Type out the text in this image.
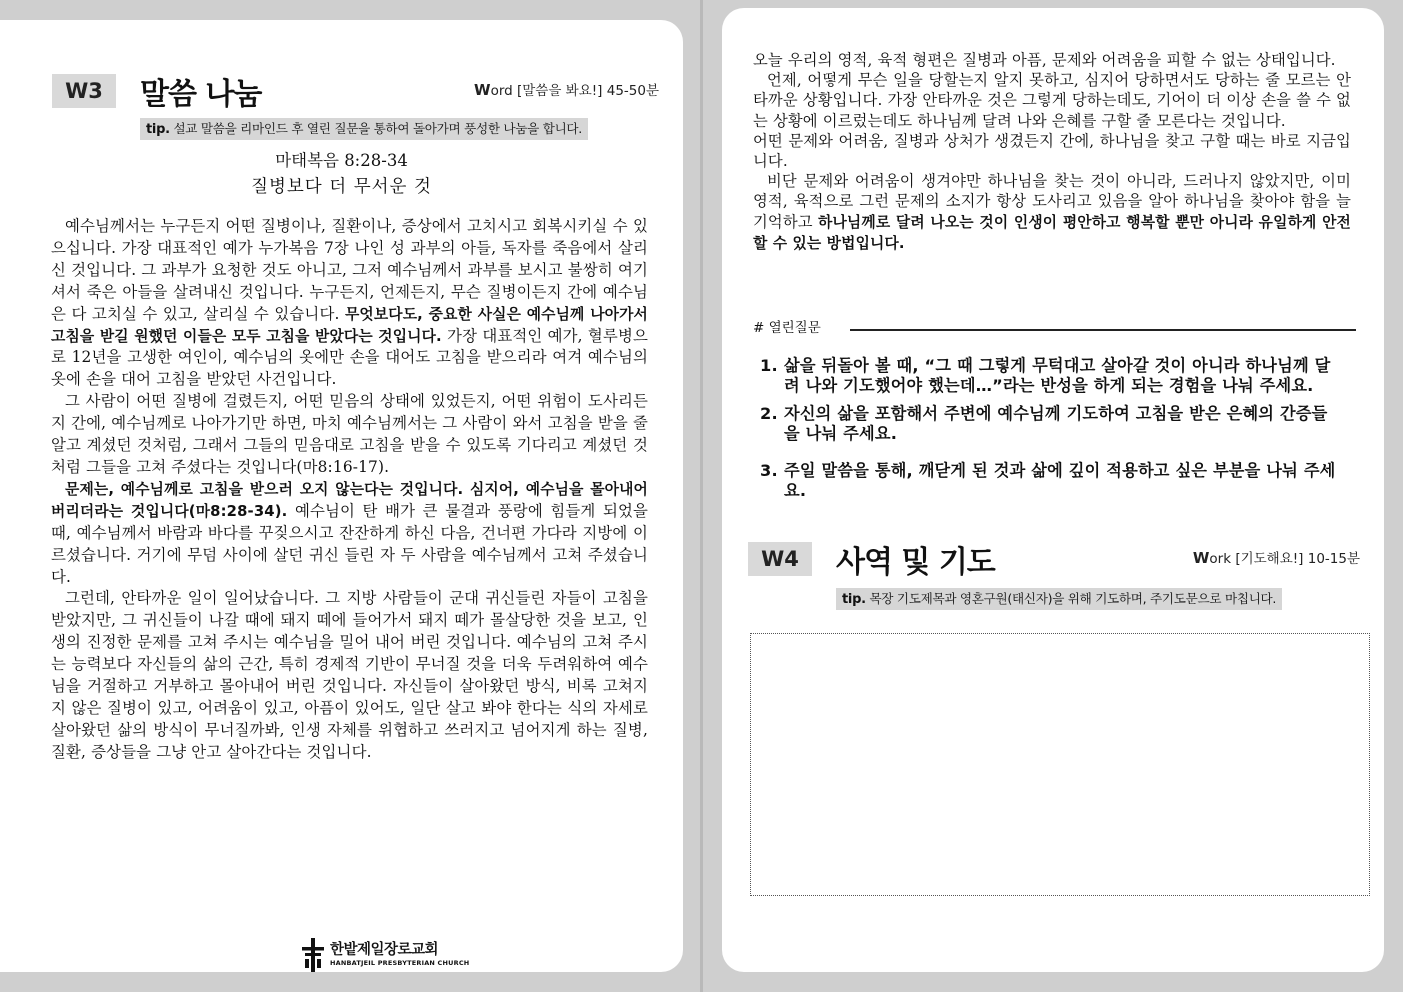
W3	말씀 나눔	Word [말씀을 봐요!] 45-50분
tip. 설교 말씀을 리마인드 후 열린 질문을 통하여 돌아가며 풍성한 나눔을 합니다.
마태복음 8:28-34
질병보다 더 무서운 것

예수님께서는 누구든지 어떤 질병이나, 질환이나, 증상에서 고치시고 회복시키실 수 있으십니다. 가장 대표적인 예가 누가복음 7장 나인 성 과부의 아들, 독자를 죽음에서 살리신 것입니다. 그 과부가 요청한 것도 아니고, 그저 예수님께서 과부를 보시고 불쌍히 여기셔서 죽은 아들을 살려내신 것입니다. 누구든지, 언제든지, 무슨 질병이든지 간에 예수님은 다 고치실 수 있고, 살리실 수 있습니다. 무엇보다도, 중요한 사실은 예수님께 나아가서 고침을 받길 원했던 이들은 모두 고침을 받았다는 것입니다. 가장 대표적인 예가, 혈루병으로 12년을 고생한 여인이, 예수님의 옷에만 손을 대어도 고침을 받으리라 여겨 예수님의 옷에 손을 대어 고침을 받았던 사건입니다.

그 사람이 어떤 질병에 걸렸든지, 어떤 믿음의 상태에 있었든지, 어떤 위험이 도사리든지 간에, 예수님께로 나아가기만 하면, 마치 예수님께서는 그 사람이 와서 고침을 받을 줄 알고 계셨던 것처럼, 그래서 그들의 믿음대로 고침을 받을 수 있도록 기다리고 계셨던 것처럼 그들을 고쳐 주셨다는 것입니다(마8:16-17).

문제는, 예수님께로 고침을 받으러 오지 않는다는 것입니다. 심지어, 예수님을 몰아내어 버리더라는 것입니다(마8:28-34). 예수님이 탄 배가 큰 물결과 풍랑에 힘들게 되었을 때, 예수님께서 바람과 바다를 꾸짖으시고 잔잔하게 하신 다음, 건너편 가다라 지방에 이르셨습니다. 거기에 무덤 사이에 살던 귀신 들린 자 두 사람을 예수님께서 고쳐 주셨습니다.

그런데, 안타까운 일이 일어났습니다. 그 지방 사람들이 군대 귀신들린 자들이 고침을 받았지만, 그 귀신들이 나갈 때에 돼지 떼에 들어가서 돼지 떼가 몰살당한 것을 보고, 인생의 진정한 문제를 고쳐 주시는 예수님을 밀어 내어 버린 것입니다. 예수님의 고쳐 주시는 능력보다 자신들의 삶의 근간, 특히 경제적 기반이 무너질 것을 더욱 두려워하여 예수님을 거절하고 거부하고 몰아내어 버린 것입니다. 자신들이 살아왔던 방식, 비록 고쳐지지 않은 질병이 있고, 어려움이 있고, 아픔이 있어도, 일단 살고 봐야 한다는 식의 자세로 살아왔던 삶의 방식이 무너질까봐, 인생 자체를 위협하고 쓰러지고 넘어지게 하는 질병, 질환, 증상들을 그냥 안고 살아간다는 것입니다.

한밭제일장로교회
HANBATJEIL PRESBYTERIAN CHURCH

오늘 우리의 영적, 육적 형편은 질병과 아픔, 문제와 어려움을 피할 수 없는 상태입니다.

언제, 어떻게 무슨 일을 당할는지 알지 못하고, 심지어 당하면서도 당하는 줄 모르는 안타까운 상황입니다. 가장 안타까운 것은 그렇게 당하는데도, 기어이 더 이상 손을 쓸 수 없는 상황에 이르렀는데도 하나님께 달려 나와 은혜를 구할 줄 모른다는 것입니다.

어떤 문제와 어려움, 질병과 상처가 생겼든지 간에, 하나님을 찾고 구할 때는 바로 지금입니다.

비단 문제와 어려움이 생겨야만 하나님을 찾는 것이 아니라, 드러나지 않았지만, 이미 영적, 육적으로 그런 문제의 소지가 항상 도사리고 있음을 알아 하나님을 찾아야 함을 늘 기억하고 하나님께로 달려 나오는 것이 인생이 평안하고 행복할 뿐만 아니라 유일하게 안전할 수 있는 방법입니다.

# 열린질문
1. 삶을 뒤돌아 볼 때, “그 때 그렇게 무턱대고 살아갈 것이 아니라 하나님께 달려 나와 기도했어야 했는데…”라는 반성을 하게 되는 경험을 나눠 주세요.
2. 자신의 삶을 포함해서 주변에 예수님께 기도하여 고침을 받은 은혜의 간증들을 나눠 주세요.
3. 주일 말씀을 통해, 깨닫게 된 것과 삶에 깊이 적용하고 싶은 부분을 나눠 주세요.
W4	사역 및 기도	Work [기도해요!] 10-15분
tip. 목장 기도제목과 영혼구원(태신자)을 위해 기도하며, 주기도문으로 마칩니다.
